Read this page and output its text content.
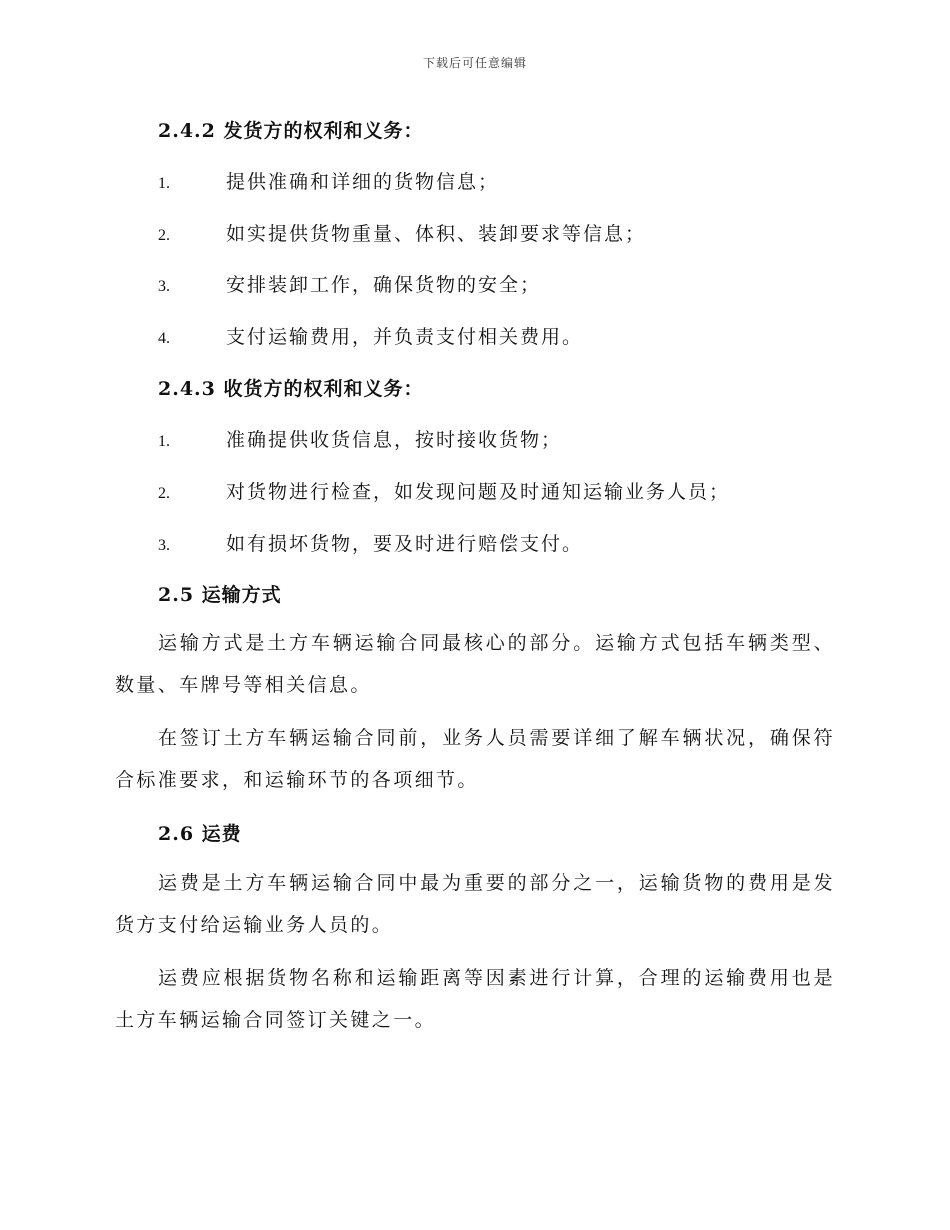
下载后可任意编辑
2.4.2 发货方的权利和义务：
1.	提供准确和详细的货物信息；
2.	如实提供货物重量、体积、装卸要求等信息；
3.	安排装卸工作，确保货物的安全；
4.	支付运输费用，并负责支付相关费用。
2.4.3 收货方的权利和义务：
1.	准确提供收货信息，按时接收货物；
2.	对货物进行检查，如发现问题及时通知运输业务人员；
3.	如有损坏货物，要及时进行赔偿支付。
2.5 运输方式
运输方式是土方车辆运输合同最核心的部分。运输方式包括车辆类型、数量、车牌号等相关信息。
在签订土方车辆运输合同前，业务人员需要详细了解车辆状况，确保符合标准要求，和运输环节的各项细节。
2.6 运费
运费是土方车辆运输合同中最为重要的部分之一，运输货物的费用是发货方支付给运输业务人员的。
运费应根据货物名称和运输距离等因素进行计算，合理的运输费用也是土方车辆运输合同签订关键之一。
